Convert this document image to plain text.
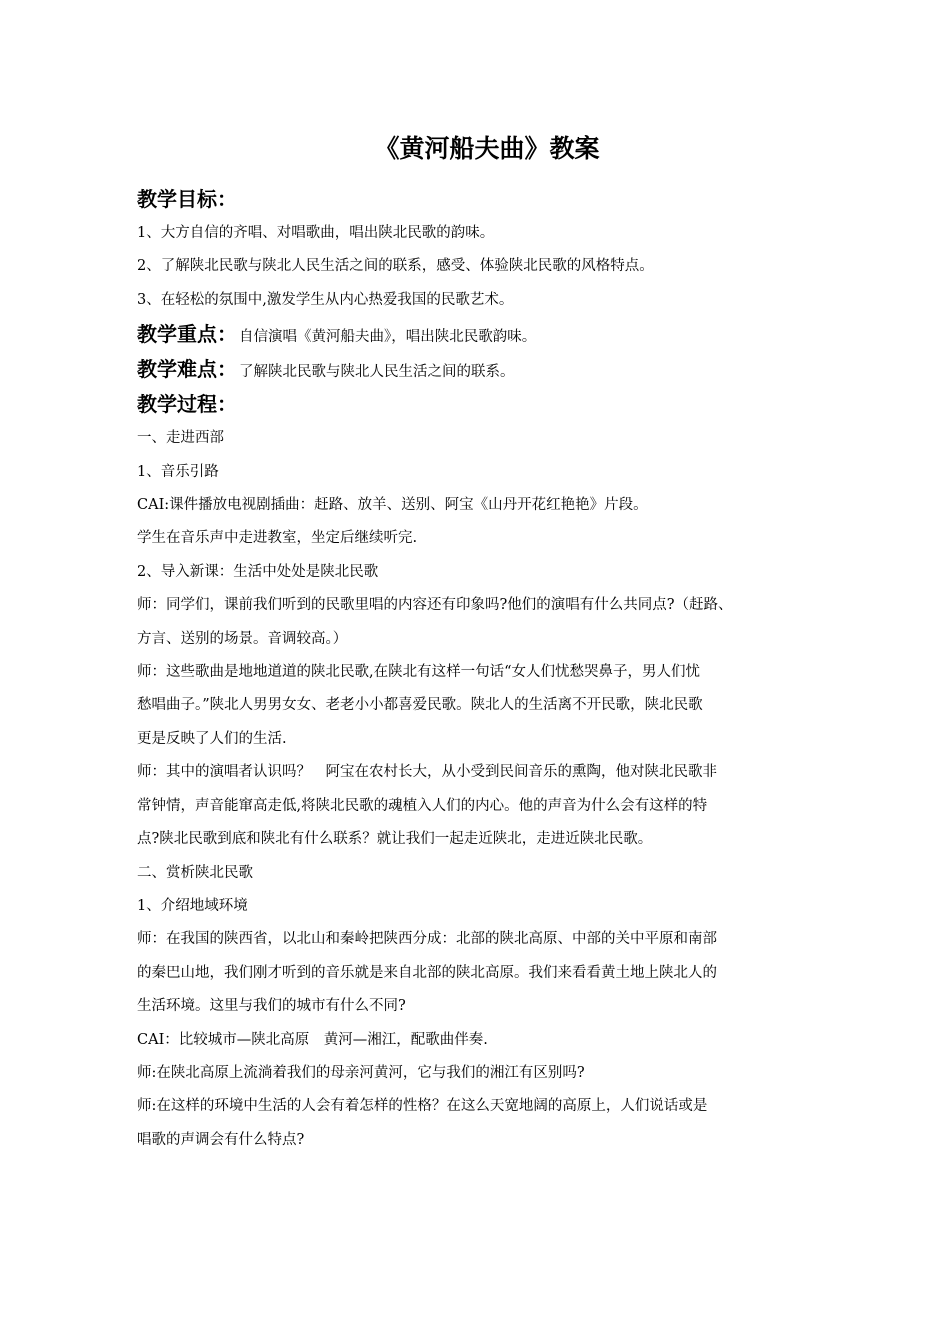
《黄河船夫曲》教案
教学目标：
1、大方自信的齐唱、对唱歌曲，唱出陕北民歌的韵味。
2、了解陕北民歌与陕北人民生活之间的联系，感受、体验陕北民歌的风格特点。
3、在轻松的氛围中,激发学生从内心热爱我国的民歌艺术。
教学重点： 自信演唱《黄河船夫曲》，唱出陕北民歌韵味。
教学难点： 了解陕北民歌与陕北人民生活之间的联系。
教学过程：
一、走进西部
1、音乐引路
CAI:课件播放电视剧插曲：赶路、放羊、送别、阿宝《山丹开花红艳艳》片段。
学生在音乐声中走进教室，坐定后继续听完.
2、导入新课：生活中处处是陕北民歌
师：同学们，课前我们听到的民歌里唱的内容还有印象吗?他们的演唱有什么共同点?（赶路、
方言、送别的场景。音调较高。）
师：这些歌曲是地地道道的陕北民歌,在陕北有这样一句话“女人们忧愁哭鼻子，男人们忧
愁唱曲子。”陕北人男男女女、老老小小都喜爱民歌。陕北人的生活离不开民歌，陕北民歌
更是反映了人们的生活.
师：其中的演唱者认识吗？　阿宝在农村长大，从小受到民间音乐的熏陶，他对陕北民歌非
常钟情，声音能窜高走低,将陕北民歌的魂植入人们的内心。他的声音为什么会有这样的特
点?陕北民歌到底和陕北有什么联系？就让我们一起走近陕北，走进近陕北民歌。
二、赏析陕北民歌
1、介绍地域环境
师：在我国的陕西省，以北山和秦岭把陕西分成：北部的陕北高原、中部的关中平原和南部
的秦巴山地，我们刚才听到的音乐就是来自北部的陕北高原。我们来看看黄土地上陕北人的
生活环境。这里与我们的城市有什么不同?
CAI：比较城市—陕北高原　黄河—湘江，配歌曲伴奏.
师:在陕北高原上流淌着我们的母亲河黄河，它与我们的湘江有区别吗?
师:在这样的环境中生活的人会有着怎样的性格？在这么天宽地阔的高原上，人们说话或是
唱歌的声调会有什么特点?
